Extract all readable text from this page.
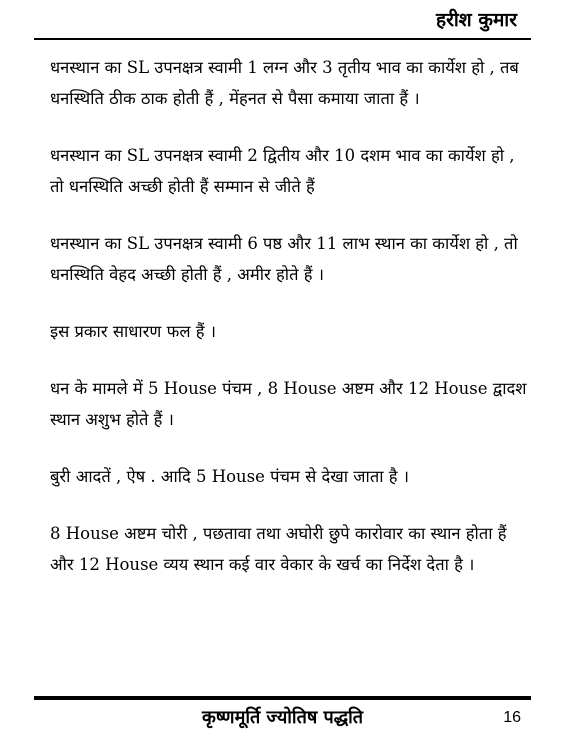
हरीश कुमार

धनस्थान का SL उपनक्षत्र स्वामी 1 लग्न और 3 तृतीय भाव का कार्येश हो , तब धनस्थिति ठीक ठाक होती हैं , मेंहनत से पैसा कमाया जाता हैं ।

धनस्थान का SL उपनक्षत्र स्वामी 2 द्वितीय और 10 दशम भाव का कार्येश हो , तो धनस्थिति अच्छी होती हैं सम्मान से जीते हैं

धनस्थान का SL उपनक्षत्र स्वामी 6 पष्ठ और 11 लाभ स्थान का कार्येश हो , तो धनस्थिति वेहद अच्छी होती हैं , अमीर होते हैं ।

इस प्रकार साधारण फल हैं ।

धन के मामले में 5 House पंचम , 8 House अष्टम और 12 House द्वादश स्थान अशुभ होते हैं ।

बुरी आदतें , ऐष . आदि 5 House पंचम से देखा जाता है ।

8 House अष्टम चोरी , पछतावा तथा अघोरी छुपे कारोवार का स्थान होता हैं और 12 House व्यय स्थान कई वार वेकार के खर्च का निर्देश देता है ।

कृष्णमूर्ति ज्योतिष पद्धति	16
